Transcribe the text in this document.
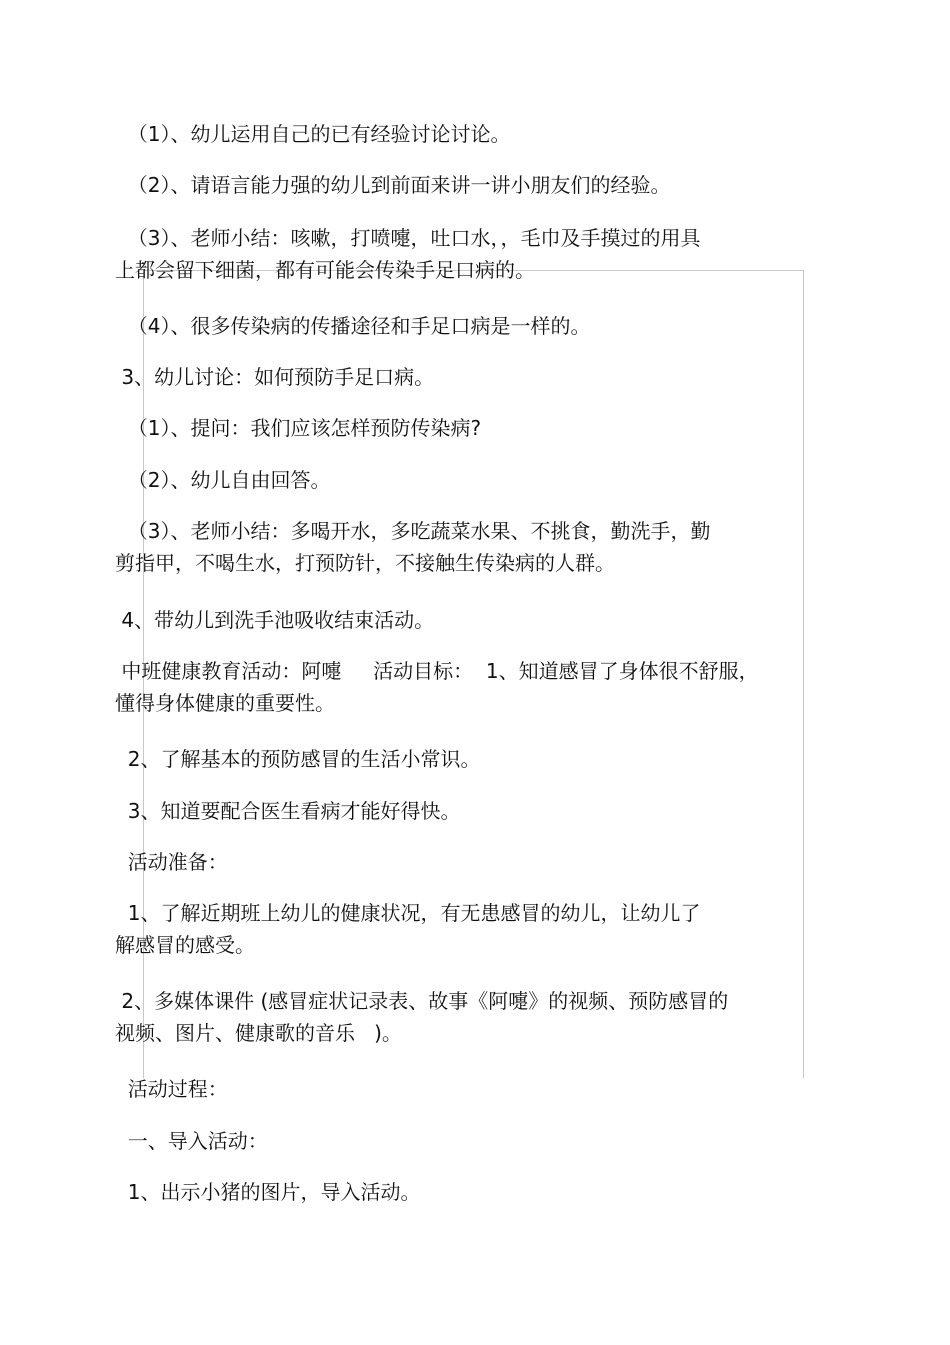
（1）、幼儿运用自己的已有经验讨论讨论。

（2）、请语言能力强的幼儿到前面来讲一讲小朋友们的经验。

（3）、老师小结：咳嗽，打喷嚏，吐口水，，毛巾及手摸过的用具
上都会留下细菌，都有可能会传染手足口病的。

（4）、很多传染病的传播途径和手足口病是一样的。

3、幼儿讨论：如何预防手足口病。

（1）、提问：我们应该怎样预防传染病?

（2）、幼儿自由回答。

（3）、老师小结：多喝开水，多吃蔬菜水果、不挑食，勤洗手，勤
剪指甲，不喝生水，打预防针，不接触生传染病的人群。

4、带幼儿到洗手池吸收结束活动。

中班健康教育活动：阿嚏     活动目标：  1、知道感冒了身体很不舒服，
懂得身体健康的重要性。

2、了解基本的预防感冒的生活小常识。

3、知道要配合医生看病才能好得快。

活动准备：

1、了解近期班上幼儿的健康状况，有无患感冒的幼儿，让幼儿了
解感冒的感受。

2、多媒体课件 (感冒症状记录表、故事《阿嚏》的视频、预防感冒的
视频、图片、健康歌的音乐   )。

活动过程：

一、导入活动：

1、出示小猪的图片，导入活动。
